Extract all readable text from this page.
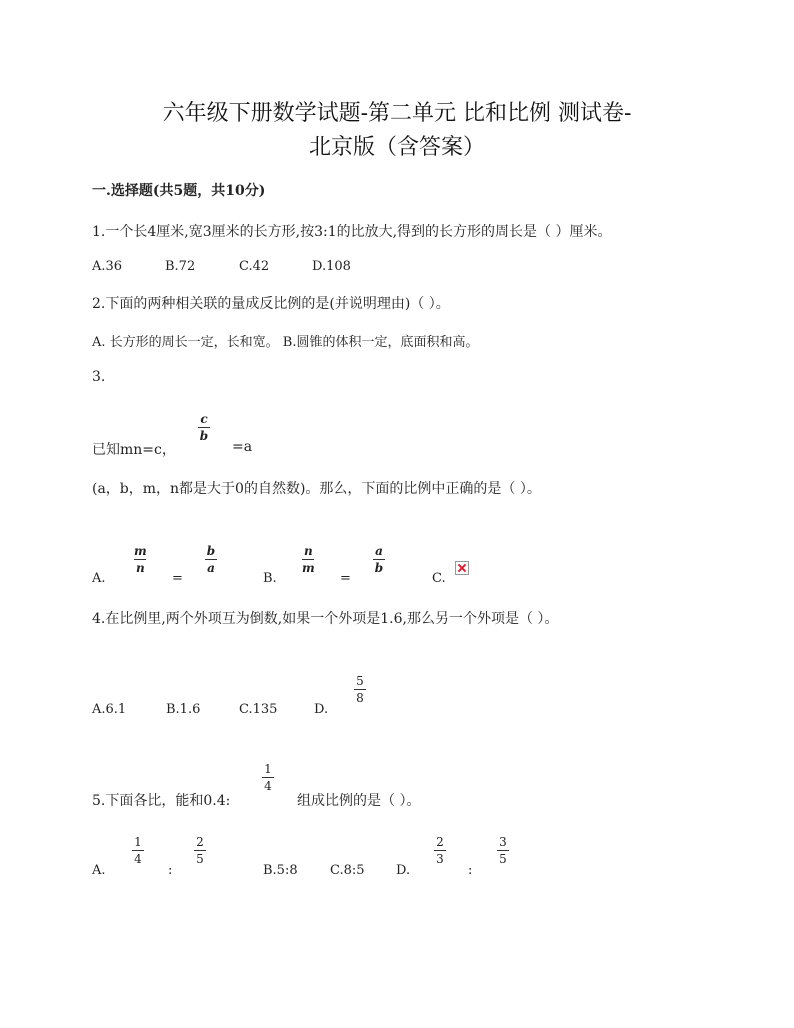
六年级下册数学试题-第二单元 比和比例 测试卷-
北京版（含答案）
一.选择题(共5题，共10分)
1.一个长4厘米,宽3厘米的长方形,按3:1的比放大,得到的长方形的周长是（ ）厘米。
A.36	B.72	C.42	D.108
2.下面的两种相关联的量成反比例的是(并说明理由)（ ）。
A. 长方形的周长一定，长和宽。 B.圆锥的体积一定，底面积和高。
3.
已知mn=c，
c
b
=a
(a，b，m，n都是大于0的自然数)。那么，下面的比例中正确的是（ ）。
A.
m
n
=
b
a
B.
n
m
=
a
b
C.
4.在比例里,两个外项互为倒数,如果一个外项是1.6,那么另一个外项是（ ）。
A.6.1	B.1.6	C.135	D.
5
8
5.下面各比，能和0.4:
1
4
组成比例的是（ ）。
A.
1
4
:
2
5
B.5:8 C.8:5 D.
2
3
:
3
5
